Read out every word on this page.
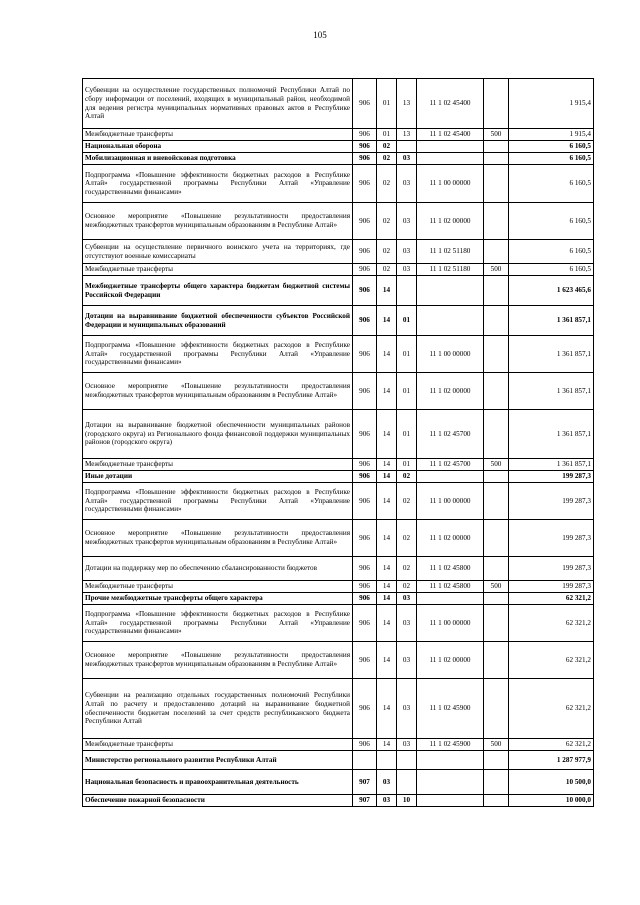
105
Субвенции на осуществление государственных полномочий Республики Алтай по сбору информации от поселений, входящих в муниципальный район, необходимой для ведения регистра муниципальных нормативных правовых актов в Республике Алтай	906	01	13	11 1 02 45400		1 915,4
Межбюджетные трансферты	906	01	13	11 1 02 45400	500	1 915,4
Национальная оборона	906	02				6 160,5
Мобилизационная и вневойсковая подготовка	906	02	03			6 160,5
Подпрограмма «Повышение эффективности бюджетных расходов в Республике Алтай» государственной программы Республики Алтай «Управление государственными финансами»	906	02	03	11 1 00 00000		6 160,5
Основное мероприятие «Повышение результативности предоставления межбюджетных трансфертов муниципальным образованиям в Республике Алтай»	906	02	03	11 1 02 00000		6 160,5
Субвенции на осуществление первичного воинского учета на территориях, где отсутствуют военные комиссариаты	906	02	03	11 1 02 51180		6 160,5
Межбюджетные трансферты	906	02	03	11 1 02 51180	500	6 160,5
Межбюджетные трансферты общего характера бюджетам бюджетной системы Российской Федерации	906	14				1 623 465,6
Дотации на выравнивание бюджетной обеспеченности субъектов Российской Федерации и муниципальных образований	906	14	01			1 361 857,1
Подпрограмма «Повышение эффективности бюджетных расходов в Республике Алтай» государственной программы Республики Алтай «Управление государственными финансами»	906	14	01	11 1 00 00000		1 361 857,1
Основное мероприятие «Повышение результативности предоставления межбюджетных трансфертов муниципальным образованиям в Республике Алтай»	906	14	01	11 1 02 00000		1 361 857,1
Дотации на выравнивание бюджетной обеспеченности муниципальных районов (городского округа) из Регионального фонда финансовой поддержки муниципальных районов (городского округа)	906	14	01	11 1 02 45700		1 361 857,1
Межбюджетные трансферты	906	14	01	11 1 02 45700	500	1 361 857,1
Иные дотации	906	14	02			199 287,3
Подпрограмма «Повышение эффективности бюджетных расходов в Республике Алтай» государственной программы Республики Алтай «Управление государственными финансами»	906	14	02	11 1 00 00000		199 287,3
Основное мероприятие «Повышение результативности предоставления межбюджетных трансфертов муниципальным образованиям в Республике Алтай»	906	14	02	11 1 02 00000		199 287,3
Дотации на поддержку мер по обеспечению сбалансированности бюджетов	906	14	02	11 1 02 45800		199 287,3
Межбюджетные трансферты	906	14	02	11 1 02 45800	500	199 287,3
Прочие межбюджетные трансферты общего характера	906	14	03			62 321,2
Подпрограмма «Повышение эффективности бюджетных расходов в Республике Алтай» государственной программы Республики Алтай «Управление государственными финансами»	906	14	03	11 1 00 00000		62 321,2
Основное мероприятие «Повышение результативности предоставления межбюджетных трансфертов муниципальным образованиям в Республике Алтай»	906	14	03	11 1 02 00000		62 321,2
Субвенции на реализацию отдельных государственных полномочий Республики Алтай по расчету и предоставлению дотаций на выравнивание бюджетной обеспеченности бюджетам поселений за счет средств республиканского бюджета Республики Алтай	906	14	03	11 1 02 45900		62 321,2
Межбюджетные трансферты	906	14	03	11 1 02 45900	500	62 321,2
Министерство регионального развития Республики Алтай						1 287 977,9
Национальная безопасность и правоохранительная деятельность	907	03				10 500,0
Обеспечение пожарной безопасности	907	03	10			10 000,0
